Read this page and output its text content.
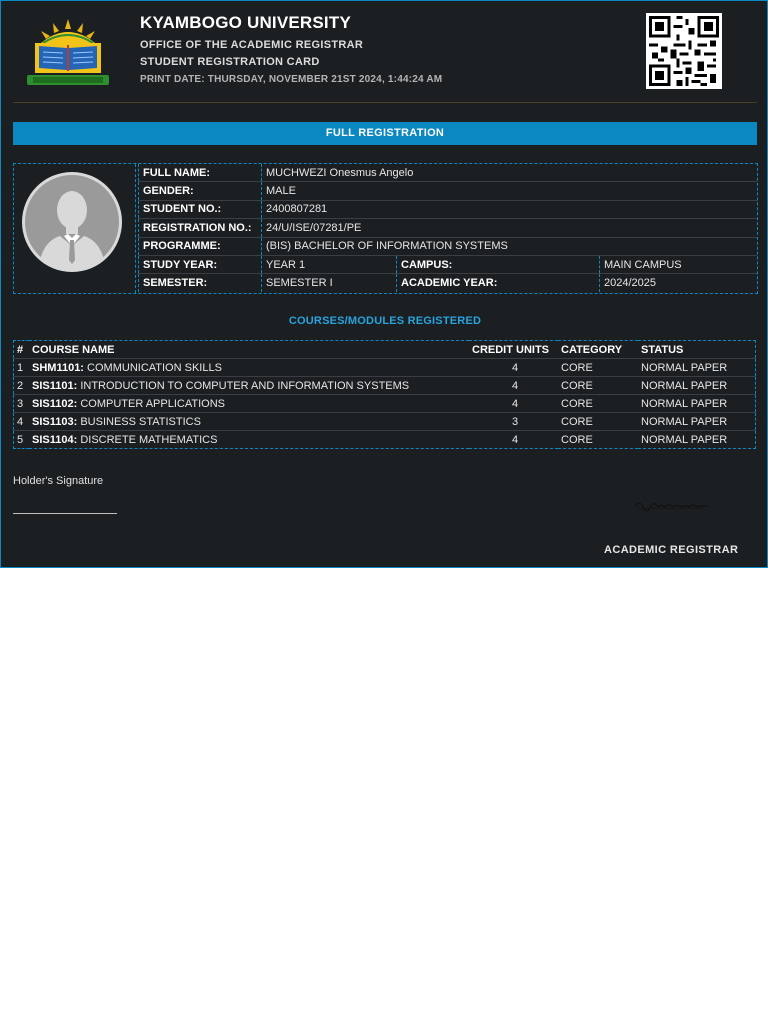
KYAMBOGO UNIVERSITY
OFFICE OF THE ACADEMIC REGISTRAR
STUDENT REGISTRATION CARD
PRINT DATE: THURSDAY, NOVEMBER 21ST 2024, 1:44:24 AM
FULL REGISTRATION
FULL NAME:	MUCHWEZI Onesmus Angelo		
GENDER:	MALE		
STUDENT NO.:	2400807281		
REGISTRATION NO.:	24/U/ISE/07281/PE		
PROGRAMME:	(BIS) BACHELOR OF INFORMATION SYSTEMS		
STUDY YEAR:	YEAR 1	CAMPUS:	MAIN CAMPUS
SEMESTER:	SEMESTER I	ACADEMIC YEAR:	2024/2025
COURSES/MODULES REGISTERED
#	COURSE NAME	CREDIT UNITS	CATEGORY	STATUS
1	SHM1101: COMMUNICATION SKILLS	4	CORE	NORMAL PAPER
2	SIS1101: INTRODUCTION TO COMPUTER AND INFORMATION SYSTEMS	4	CORE	NORMAL PAPER
3	SIS1102: COMPUTER APPLICATIONS	4	CORE	NORMAL PAPER
4	SIS1103: BUSINESS STATISTICS	3	CORE	NORMAL PAPER
5	SIS1104: DISCRETE MATHEMATICS	4	CORE	NORMAL PAPER
Holder's Signature
ACADEMIC REGISTRAR
